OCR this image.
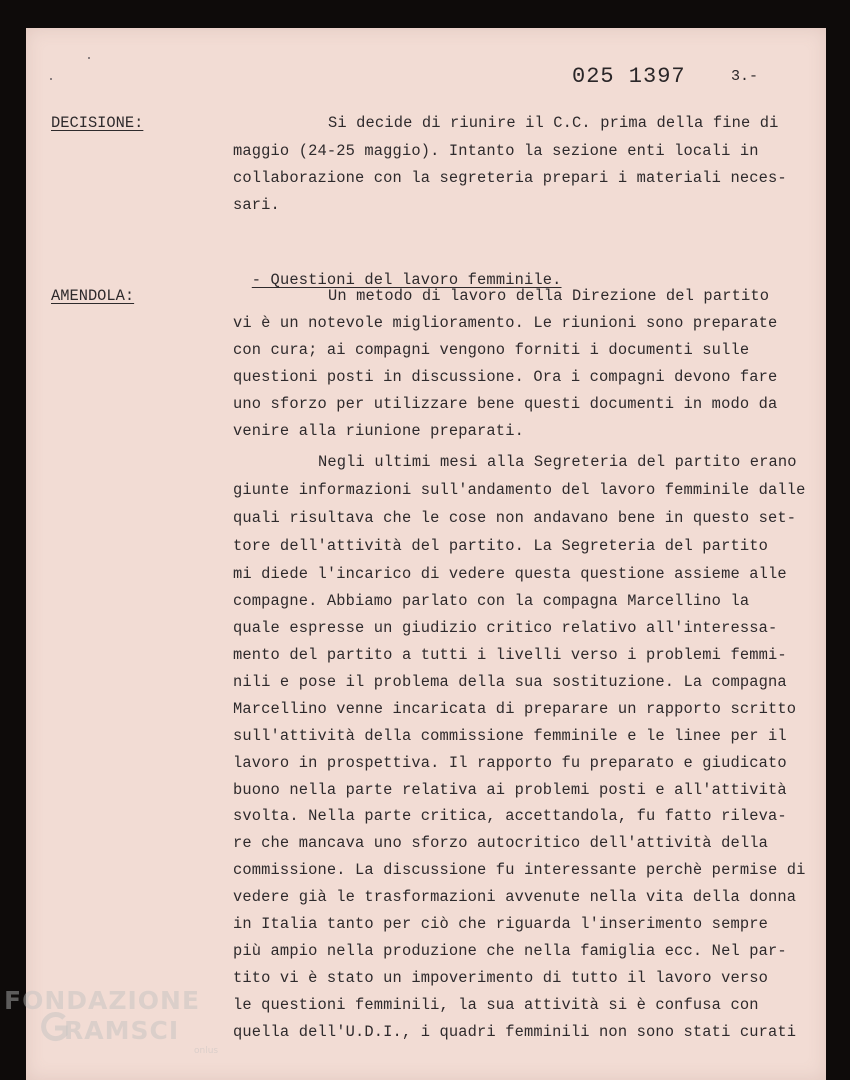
025 1397	3.-
DECISIONE:	Si decide di riunire il C.C. prima della fine di
maggio (24-25 maggio). Intanto la sezione enti locali in
collaborazione con la segreteria prepari i materiali neces-
sari.

- Questioni del lavoro femminile.

AMENDOLA:	Un metodo di lavoro della Direzione del partito
vi è un notevole miglioramento. Le riunioni sono preparate
con cura; ai compagni vengono forniti i documenti sulle
questioni posti in discussione. Ora i compagni devono fare
uno sforzo per utilizzare bene questi documenti in modo da
venire alla riunione preparati.
Negli ultimi mesi alla Segreteria del partito erano
giunte informazioni sull'andamento del lavoro femminile dalle
quali risultava che le cose non andavano bene in questo set-
tore dell'attività del partito. La Segreteria del partito
mi diede l'incarico di vedere questa questione assieme alle
compagne. Abbiamo parlato con la compagna Marcellino la
quale espresse un giudizio critico relativo all'interessa-
mento del partito a tutti i livelli verso i problemi femmi-
nili e pose il problema della sua sostituzione. La compagna
Marcellino venne incaricata di preparare un rapporto scritto
sull'attività della commissione femminile e le linee per il
lavoro in prospettiva. Il rapporto fu preparato e giudicato
buono nella parte relativa ai problemi posti e all'attività
svolta. Nella parte critica, accettandola, fu fatto rileva-
re che mancava uno sforzo autocritico dell'attività della
commissione. La discussione fu interessante perchè permise di
vedere già le trasformazioni avvenute nella vita della donna
in Italia tanto per ciò che riguarda l'inserimento sempre
più ampio nella produzione che nella famiglia ecc. Nel par-
tito vi è stato un impoverimento di tutto il lavoro verso
le questioni femminili, la sua attività si è confusa con
quella dell'U.D.I., i quadri femminili non sono stati curati
FONDAZIONE
RAMSCI
onlus
